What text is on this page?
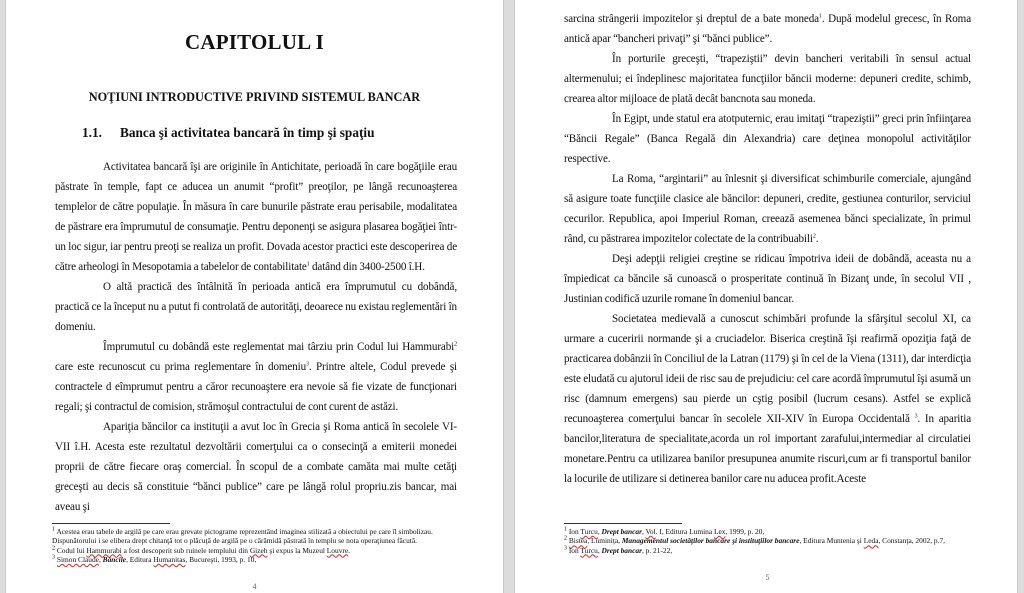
CAPITOLUL I
NOŢIUNI INTRODUCTIVE PRIVIND SISTEMUL BANCAR
1.1. Banca şi activitatea bancară în timp şi spaţiu

Activitatea bancară îşi are originile în Antichitate, perioadă în care bogăţiile erau păstrate în temple, fapt ce aducea un anumit “profit” preoţilor, pe lângă recunoaşterea templelor de către populaţie. În măsura în care bunurile păstrate erau perisabile, modalitatea de păstrare era împrumutul de consumaţie. Pentru deponenţi se asigura plasarea bogăţiei într-un loc sigur, iar pentru preoţi se realiza un profit. Dovada acestor practici este descoperirea de către arheologi în Mesopotamia a tabelelor de contabilitate$^1$ datând din 3400-2500 î.H.

O altă practică des întâlnită în perioada antică era împrumutul cu dobândă, practică ce la început nu a putut fi controlată de autorităţi, deoarece nu existau reglementări în domeniu.

Împrumutul cu dobândă este reglementat mai târziu prin Codul lui Hammurabi$^2$ care este recunoscut cu prima reglementare în domeniu$^3$. Printre altele, Codul prevede şi contractele d eîmprumut pentru a căror recunoaştere era nevoie să fie vizate de funcţionari regali; şi contractul de comision, strămoşul contractului de cont curent de astăzi.

Apariţia băncilor ca instituţii a avut loc în Grecia şi Roma antică în secolele VI-VII î.H. Acesta este rezultatul dezvoltării comerţului ca o consecinţă a emiterii monedei proprii de către fiecare oraş comercial. În scopul de a combate camăta mai multe cetăţi greceşti au decis să constituie “bănci publice” care pe lângă rolul propriu.zis bancar, mai aveau şi

$^1$ Acestea erau tabele de argilă pe care erau grevate pictograme reprezentând imaginea stilizată a obiectului pe care îl simbolizau. Dispunătorului i se elibera drept chitanţă tot o plăcuţă de argilă pe o cărămidă păstrată în templu se nota operaţiunea făcută.
$^2$ Codul lui Hammurabi a fost descoperit sub ruinele templului din Gizeh şi expus la Muzeul Louvre.
$^3$ Simon Claude, Băncile, Editura Humanitas, Bucureşti, 1993, p. 10,
4

sarcina strângerii impozitelor şi dreptul de a bate moneda$^1$. După modelul grecesc, în Roma antică apar “bancheri privaţi” şi “bănci publice”.

În porturile greceşti, “trapeziştii” devin bancheri veritabili în sensul actual altermenului; ei îndeplinesc majoritatea funcţiilor băncii moderne: depuneri credite, schimb, crearea altor mijloace de plată decât bancnota sau moneda.

În Egipt, unde statul era atotputernic, erau imitaţi “trapeziştii” greci prin înfiinţarea “Băncii Regale” (Banca Regală din Alexandria) care deţinea monopolul activităţilor respective.

La Roma, “argintarii” au înlesnit şi diversificat schimburile comerciale, ajungând să asigure toate funcţiile clasice ale băncilor: depuneri, credite, gestiunea conturilor, serviciul cecurilor. Republica, apoi Imperiul Roman, creează asemenea bănci specializate, în primul rând, cu păstrarea impozitelor colectate de la contribuabili$^2$.

Deşi adepţii religiei creştine se ridicau împotriva ideii de dobândă, aceasta nu a împiedicat ca băncile să cunoască o prosperitate continuă în Bizanţ unde, în secolul VII , Justinian codifică uzurile romane în domeniul bancar.

Societatea medievală a cunoscut schimbări profunde la sfârşitul secolul XI, ca urmare a cuceririi normande şi a cruciadelor. Biserica creştină îşi reafirmă opoziţia faţă de practicarea dobânzii în Conciliul de la Latran (1179) şi în cel de la Viena (1311), dar interdicţia este eludată cu ajutorul ideii de risc sau de prejudiciu: cel care acordă împrumutul îşi asumă un risc (damnum emergens) sau pierde un cştig posibil (lucrum cesans). Astfel se explică recunoaşterea comerţului bancar în secolele XII-XIV în Europa Occidentală $^3$. In aparitia bancilor,literatura de specialitate,acorda un rol important zarafului,intermediar al circulatiei monetare.Pentru ca utilizarea banilor presupunea anumite riscuri,cum ar fi transportul banilor la locurile de utilizare si detinerea banilor care nu aducea profit.Aceste

$^1$ Ion Turcu, Drept bancar, Vol. I, Editura Lumina Lex, 1999, p. 20,
$^2$ Bistea, Luminiţa, Managementul societăţilor bancare şi instituţiilor bancare, Editura Muntenia şi Leda, Constanţa, 2002, p.7,
$^3$ Ion Turcu, Drept bancar, p. 21-22,
5
